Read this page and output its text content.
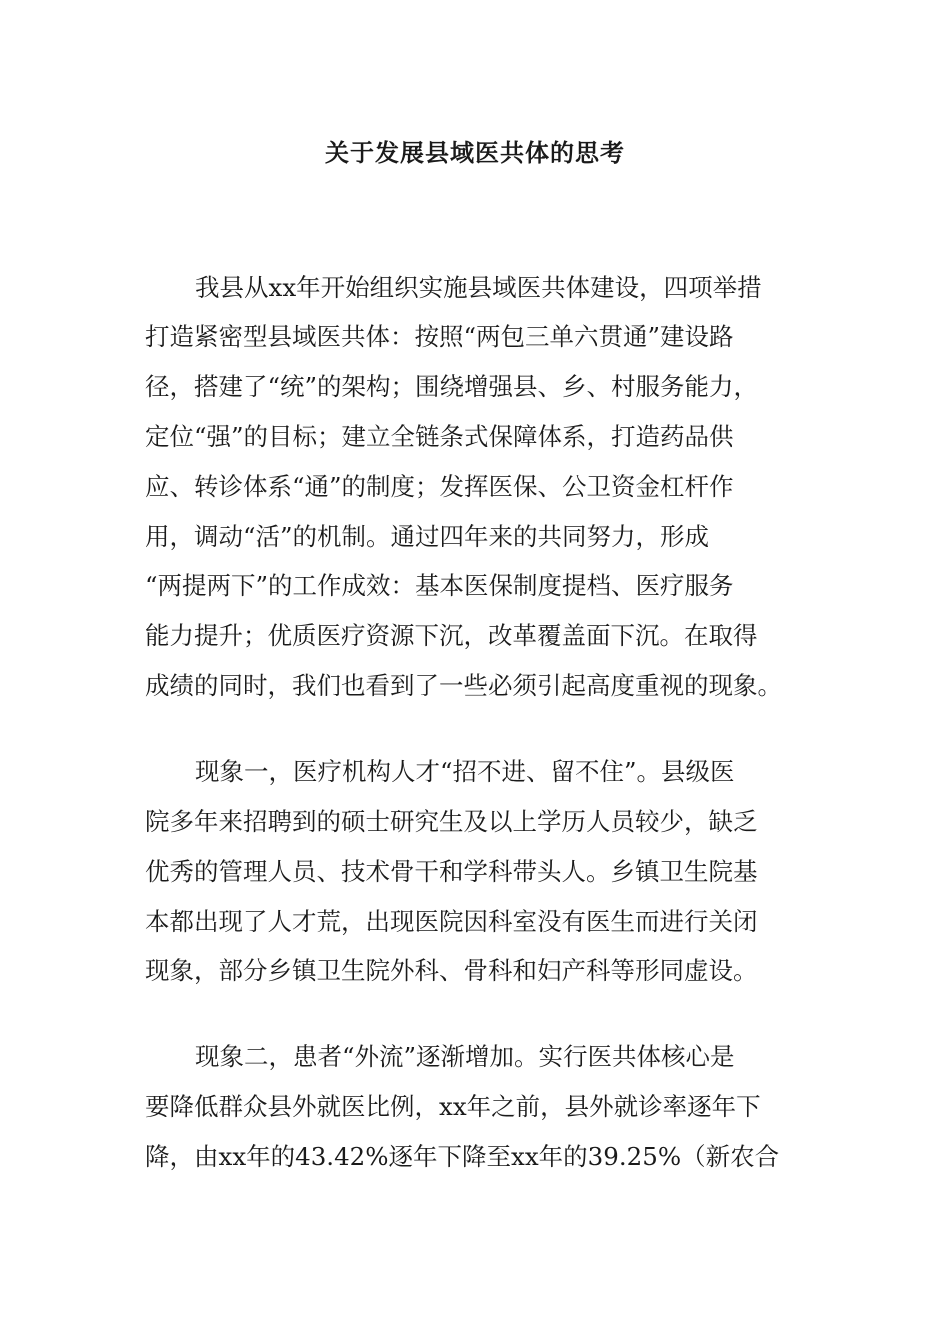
关于发展县域医共体的思考
我县从xx年开始组织实施县域医共体建设，四项举措
打造紧密型县域医共体：按照“两包三单六贯通”建设路
径，搭建了“统”的架构；围绕增强县、乡、村服务能力，
定位“强”的目标；建立全链条式保障体系，打造药品供
应、转诊体系“通”的制度；发挥医保、公卫资金杠杆作
用，调动“活”的机制。通过四年来的共同努力，形成
“两提两下”的工作成效：基本医保制度提档、医疗服务
能力提升；优质医疗资源下沉，改革覆盖面下沉。在取得
成绩的同时，我们也看到了一些必须引起高度重视的现象。
现象一，医疗机构人才“招不进、留不住”。县级医
院多年来招聘到的硕士研究生及以上学历人员较少，缺乏
优秀的管理人员、技术骨干和学科带头人。乡镇卫生院基
本都出现了人才荒，出现医院因科室没有医生而进行关闭
现象，部分乡镇卫生院外科、骨科和妇产科等形同虚设。
现象二，患者“外流”逐渐增加。实行医共体核心是
要降低群众县外就医比例，xx年之前，县外就诊率逐年下
降，由xx年的43.42%逐年下降至xx年的39.25%（新农合
